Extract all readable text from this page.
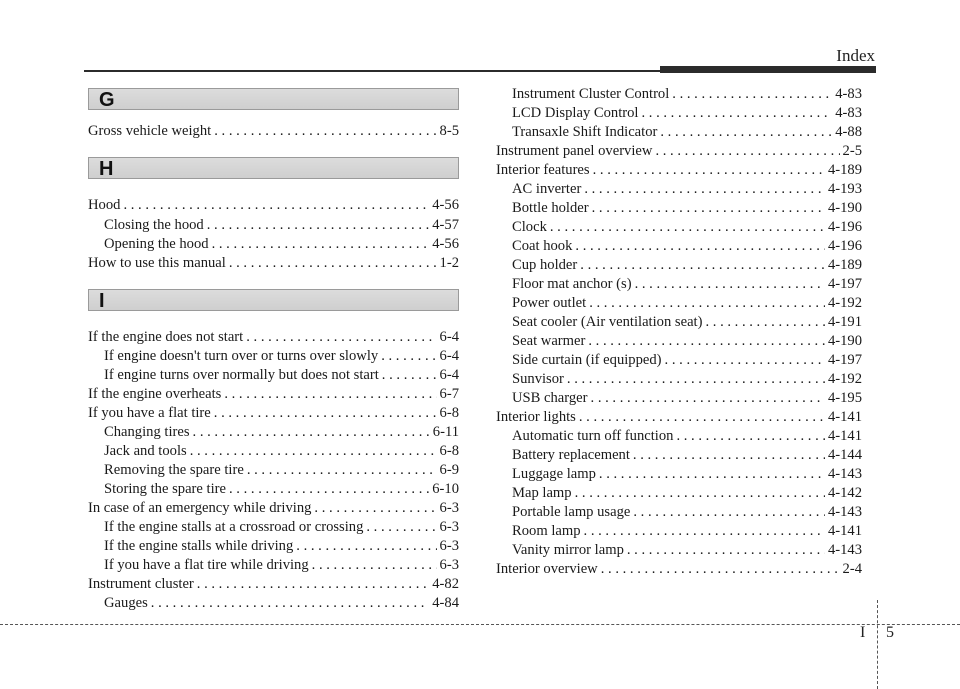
Index
G
Gross vehicle weight . . .	8-5
H
Hood . . .	4-56
Closing the hood . . .	4-57
Opening the hood . . .	4-56
How to use this manual . . .	1-2
I
If the engine does not start . . .	6-4
If engine doesn't turn over or turns over slowly . . .	6-4
If engine turns over normally but does not start . . .	6-4
If the engine overheats . . .	6-7
If you have a flat tire . . .	6-8
Changing tires . . .	6-11
Jack and tools . . .	6-8
Removing the spare tire . . .	6-9
Storing the spare tire . . .	6-10
In case of an emergency while driving . . .	6-3
If the engine stalls at a crossroad or crossing . . .	6-3
If the engine stalls while driving . . .	6-3
If you have a flat tire while driving . . .	6-3
Instrument cluster . . .	4-82
Gauges . . .	4-84
Instrument Cluster Control . . .	4-83
LCD Display Control . . .	4-83
Transaxle Shift Indicator . . .	4-88
Instrument panel overview . . .	2-5
Interior features . . .	4-189
AC inverter . . .	4-193
Bottle holder . . .	4-190
Clock . . .	4-196
Coat hook . . .	4-196
Cup holder . . .	4-189
Floor mat anchor (s) . . .	4-197
Power outlet . . .	4-192
Seat cooler (Air ventilation seat) . . .	4-191
Seat warmer . . .	4-190
Side curtain (if equipped) . . .	4-197
Sunvisor . . .	4-192
USB charger . . .	4-195
Interior lights . . .	4-141
Automatic turn off function . . .	4-141
Battery replacement . . .	4-144
Luggage lamp . . .	4-143
Map lamp . . .	4-142
Portable lamp usage . . .	4-143
Room lamp . . .	4-141
Vanity mirror lamp . . .	4-143
Interior overview . . .	2-4
I 5
